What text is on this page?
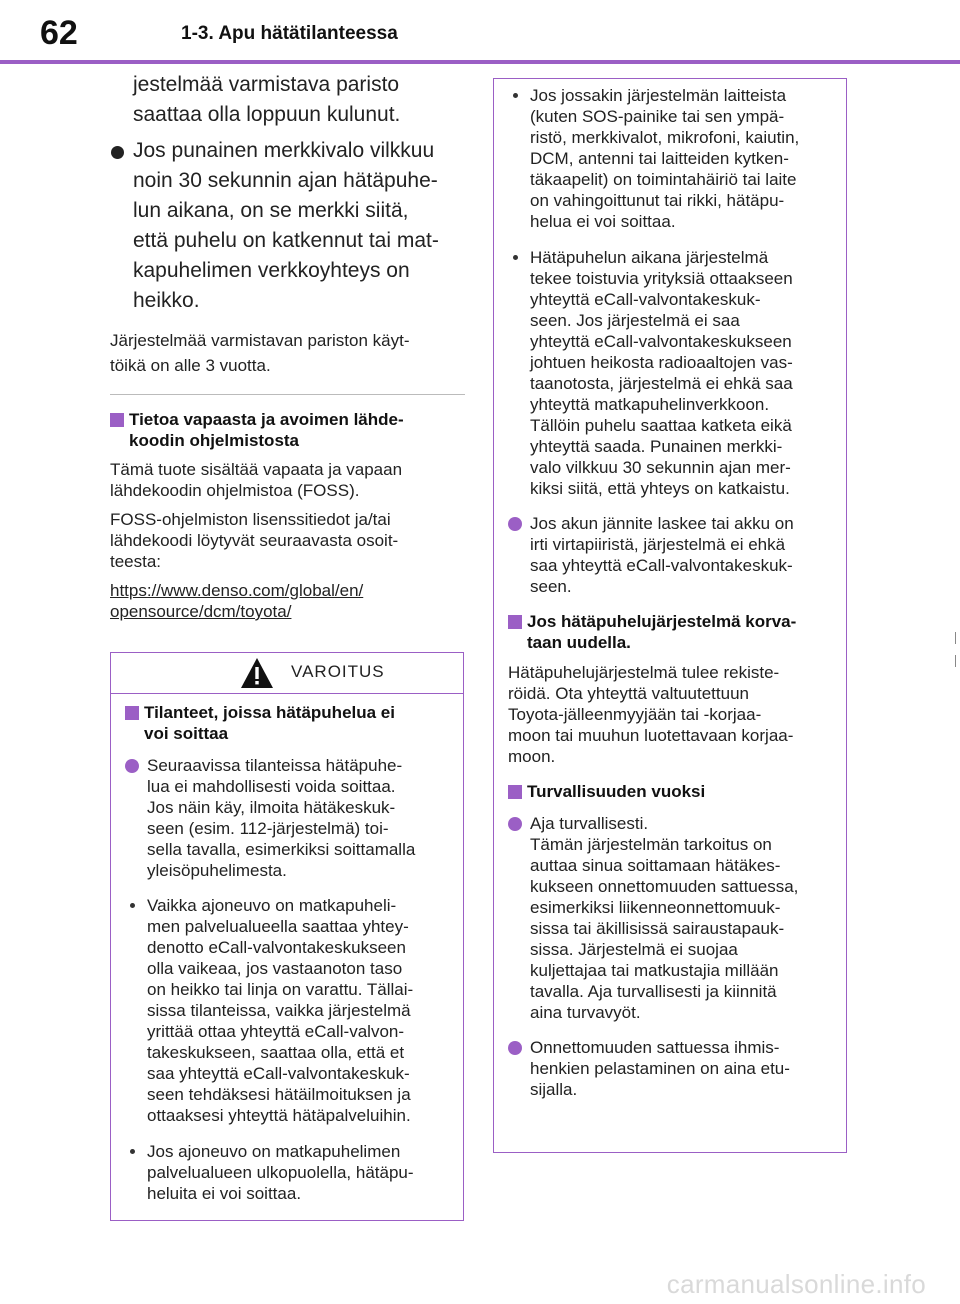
62	1-3. Apu hätätilanteessa

jestelmää varmistava paristo
saattaa olla loppuun kulunut.

Jos punainen merkkivalo vilkkuu
noin 30 sekunnin ajan hätäpuhe-
lun aikana, on se merkki siitä,
että puhelu on katkennut tai mat-
kapuhelimen verkkoyhteys on
heikko.

Järjestelmää varmistavan pariston käyt-
töikä on alle 3 vuotta.

Tietoa vapaasta ja avoimen lähde-
koodin ohjelmistosta

Tämä tuote sisältää vapaata ja vapaan
lähdekoodin ohjelmistoa (FOSS).

FOSS-ohjelmiston lisenssitiedot ja/tai
lähdekoodi löytyvät seuraavasta osoit-
teesta:

https://www.denso.com/global/en/
opensource/dcm/toyota/

VAROITUS
Tilanteet, joissa hätäpuhelua ei
voi soittaa
Seuraavissa tilanteissa hätäpuhe-
lua ei mahdollisesti voida soittaa.
Jos näin käy, ilmoita hätäkeskuk-
seen (esim. 112-järjestelmä) toi-
sella tavalla, esimerkiksi soittamalla
yleisöpuhelimesta.
Vaikka ajoneuvo on matkapuheli-
men palvelualueella saattaa yhtey-
denotto eCall-valvontakeskukseen
olla vaikeaa, jos vastaanoton taso
on heikko tai linja on varattu. Tällai-
sissa tilanteissa, vaikka järjestelmä
yrittää ottaa yhteyttä eCall-valvon-
takeskukseen, saattaa olla, että et
saa yhteyttä eCall-valvontakeskuk-
seen tehdäksesi hätäilmoituksen ja
ottaaksesi yhteyttä hätäpalveluihin.
Jos ajoneuvo on matkapuhelimen
palvelualueen ulkopuolella, hätäpu-
heluita ei voi soittaa.
Jos jossakin järjestelmän laitteista
(kuten SOS-painike tai sen ympä-
ristö, merkkivalot, mikrofoni, kaiutin,
DCM, antenni tai laitteiden kytken-
täkaapelit) on toimintahäiriö tai laite
on vahingoittunut tai rikki, hätäpu-
helua ei voi soittaa.
Hätäpuhelun aikana järjestelmä
tekee toistuvia yrityksiä ottaakseen
yhteyttä eCall-valvontakeskuk-
seen. Jos järjestelmä ei saa
yhteyttä eCall-valvontakeskukseen
johtuen heikosta radioaaltojen vas-
taanotosta, järjestelmä ei ehkä saa
yhteyttä matkapuhelinverkkoon.
Tällöin puhelu saattaa katketa eikä
yhteyttä saada. Punainen merkki-
valo vilkkuu 30 sekunnin ajan mer-
kiksi siitä, että yhteys on katkaistu.
Jos akun jännite laskee tai akku on
irti virtapiiristä, järjestelmä ei ehkä
saa yhteyttä eCall-valvontakeskuk-
seen.
Jos hätäpuhelujärjestelmä korva-
taan uudella.

Hätäpuhelujärjestelmä tulee rekiste-
röidä. Ota yhteyttä valtuutettuun
Toyota-jälleenmyyjään tai -korjaa-
moon tai muuhun luotettavaan korjaa-
moon.

Turvallisuuden vuoksi
Aja turvallisesti.
Tämän järjestelmän tarkoitus on
auttaa sinua soittamaan hätäkes-
kukseen onnettomuuden sattuessa,
esimerkiksi liikenneonnettomuuk-
sissa tai äkillisissä sairaustapauk-
sissa. Järjestelmä ei suojaa
kuljettajaa tai matkustajia millään
tavalla. Aja turvallisesti ja kiinnitä
aina turvavyöt.
Onnettomuuden sattuessa ihmis-
henkien pelastaminen on aina etu-
sijalla.
carmanualsonline.info
